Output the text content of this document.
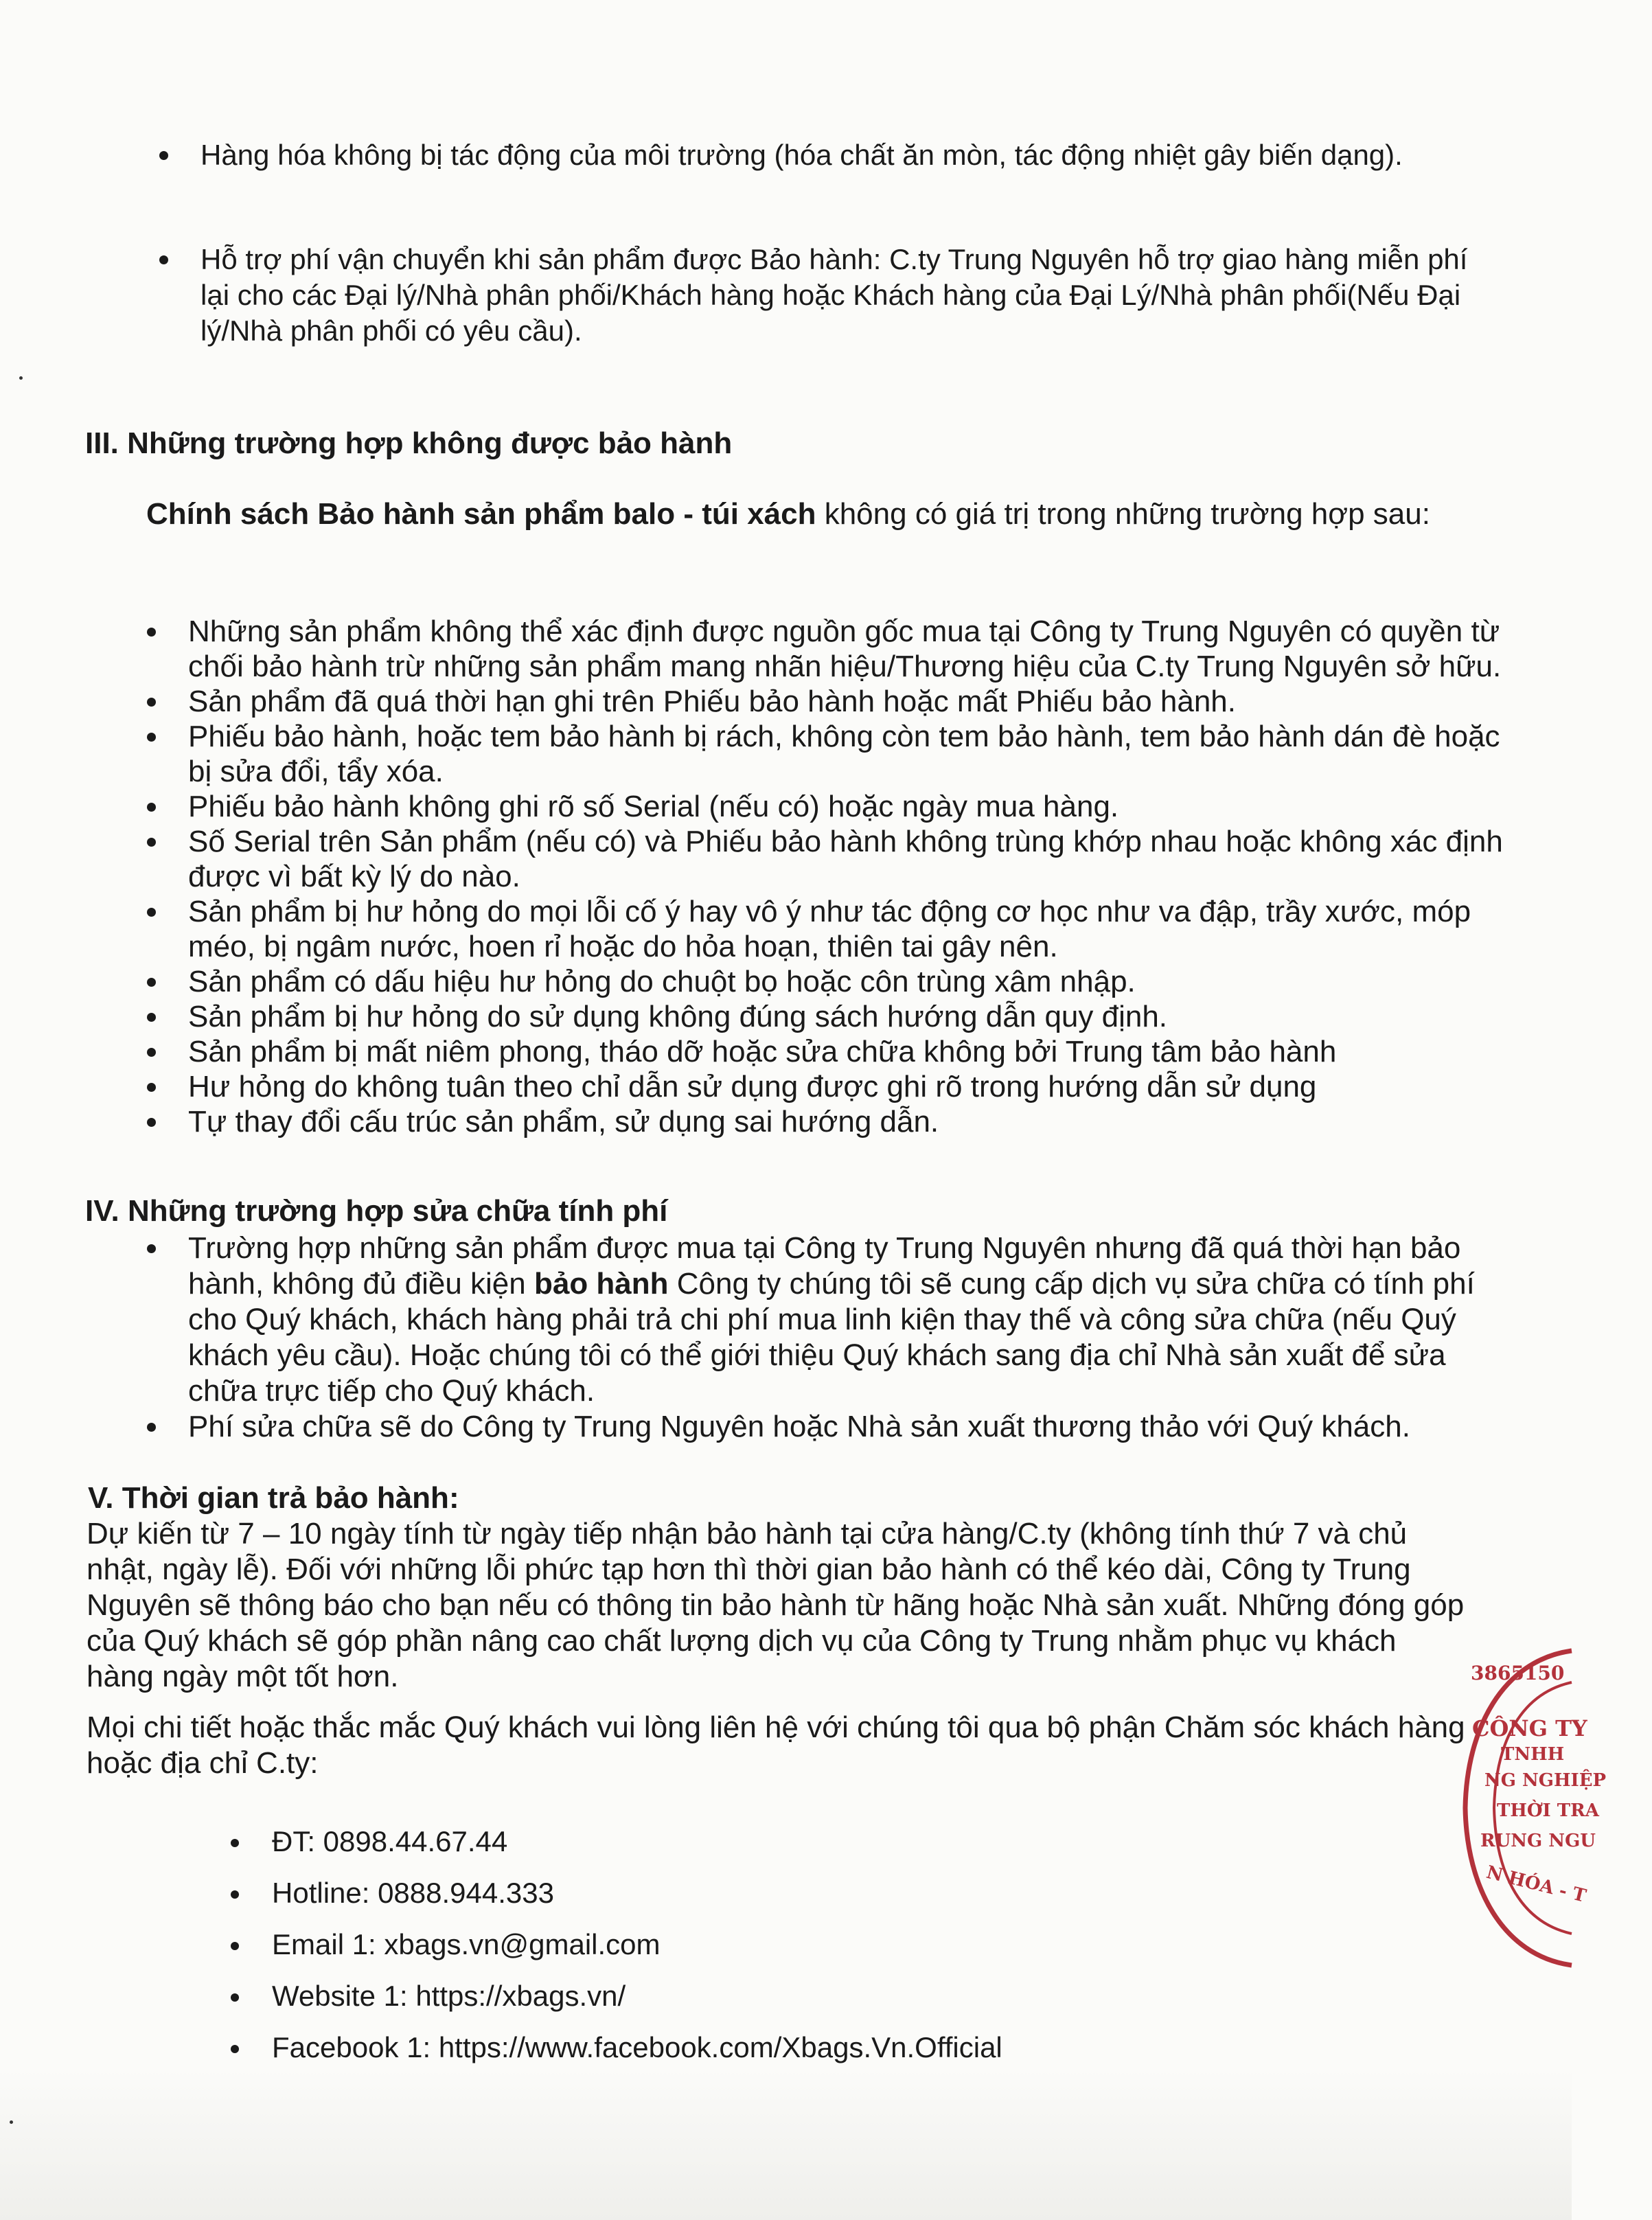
Hàng hóa không bị tác động của môi trường (hóa chất ăn mòn, tác động nhiệt gây biến dạng).
Hỗ trợ phí vận chuyển khi sản phẩm được Bảo hành: C.ty Trung Nguyên hỗ trợ giao hàng miễn phí lại cho các Đại lý/Nhà phân phối/Khách hàng hoặc Khách hàng của Đại Lý/Nhà phân phối(Nếu Đại lý/Nhà phân phối có yêu cầu).
III. Những trường hợp không được bảo hành
Chính sách Bảo hành sản phẩm balo - túi xách không có giá trị trong những trường hợp sau:
Những sản phẩm không thể xác định được nguồn gốc mua tại Công ty Trung Nguyên có quyền từ chối bảo hành trừ những sản phẩm mang nhãn hiệu/Thương hiệu của C.ty Trung Nguyên sở hữu.
Sản phẩm đã quá thời hạn ghi trên Phiếu bảo hành hoặc mất Phiếu bảo hành.
Phiếu bảo hành, hoặc tem bảo hành bị rách, không còn tem bảo hành, tem bảo hành dán đè hoặc bị sửa đổi, tẩy xóa.
Phiếu bảo hành không ghi rõ số Serial (nếu có) hoặc ngày mua hàng.
Số Serial trên Sản phẩm (nếu có) và Phiếu bảo hành không trùng khớp nhau hoặc không xác định được vì bất kỳ lý do nào.
Sản phẩm bị hư hỏng do mọi lỗi cố ý hay vô ý như tác động cơ học như va đập, trầy xước, móp méo, bị ngâm nước, hoen rỉ hoặc do hỏa hoạn, thiên tai gây nên.
Sản phẩm có dấu hiệu hư hỏng do chuột bọ hoặc côn trùng xâm nhập.
Sản phẩm bị hư hỏng do sử dụng không đúng sách hướng dẫn quy định.
Sản phẩm bị mất niêm phong, tháo dỡ hoặc sửa chữa không bởi Trung tâm bảo hành
Hư hỏng do không tuân theo chỉ dẫn sử dụng được ghi rõ trong hướng dẫn sử dụng
Tự thay đổi cấu trúc sản phẩm, sử dụng sai hướng dẫn.
IV. Những trường hợp sửa chữa tính phí
Trường hợp những sản phẩm được mua tại Công ty Trung Nguyên nhưng đã quá thời hạn bảo hành, không đủ điều kiện bảo hành Công ty chúng tôi sẽ cung cấp dịch vụ sửa chữa có tính phí cho Quý khách, khách hàng phải trả chi phí mua linh kiện thay thế và công sửa chữa (nếu Quý khách yêu cầu). Hoặc chúng tôi có thể giới thiệu Quý khách sang địa chỉ Nhà sản xuất để sửa chữa trực tiếp cho Quý khách.
Phí sửa chữa sẽ do Công ty Trung Nguyên hoặc Nhà sản xuất thương thảo với Quý khách.
V. Thời gian trả bảo hành:
Dự kiến từ 7 – 10 ngày tính từ ngày tiếp nhận bảo hành tại cửa hàng/C.ty (không tính thứ 7 và chủ nhật, ngày lễ). Đối với những lỗi phức tạp hơn thì thời gian bảo hành có thể kéo dài, Công ty Trung Nguyên sẽ thông báo cho bạn nếu có thông tin bảo hành từ hãng hoặc Nhà sản xuất. Những đóng góp của Quý khách sẽ góp phần nâng cao chất lượng dịch vụ của Công ty Trung nhằm phục vụ khách hàng ngày một tốt hơn.
Mọi chi tiết hoặc thắc mắc Quý khách vui lòng liên hệ với chúng tôi qua bộ phận Chăm sóc khách hàng hoặc địa chỉ C.ty:
ĐT: 0898.44.67.44
Hotline: 0888.944.333
Email 1: xbags.vn@gmail.com
Website 1: https://xbags.vn/
Facebook 1: https://www.facebook.com/Xbags.Vn.Official
3865150
CÔNG TY
TNHH
NG NGHIỆP
THỜI TRA
RUNG NGU
N HÓA - T
